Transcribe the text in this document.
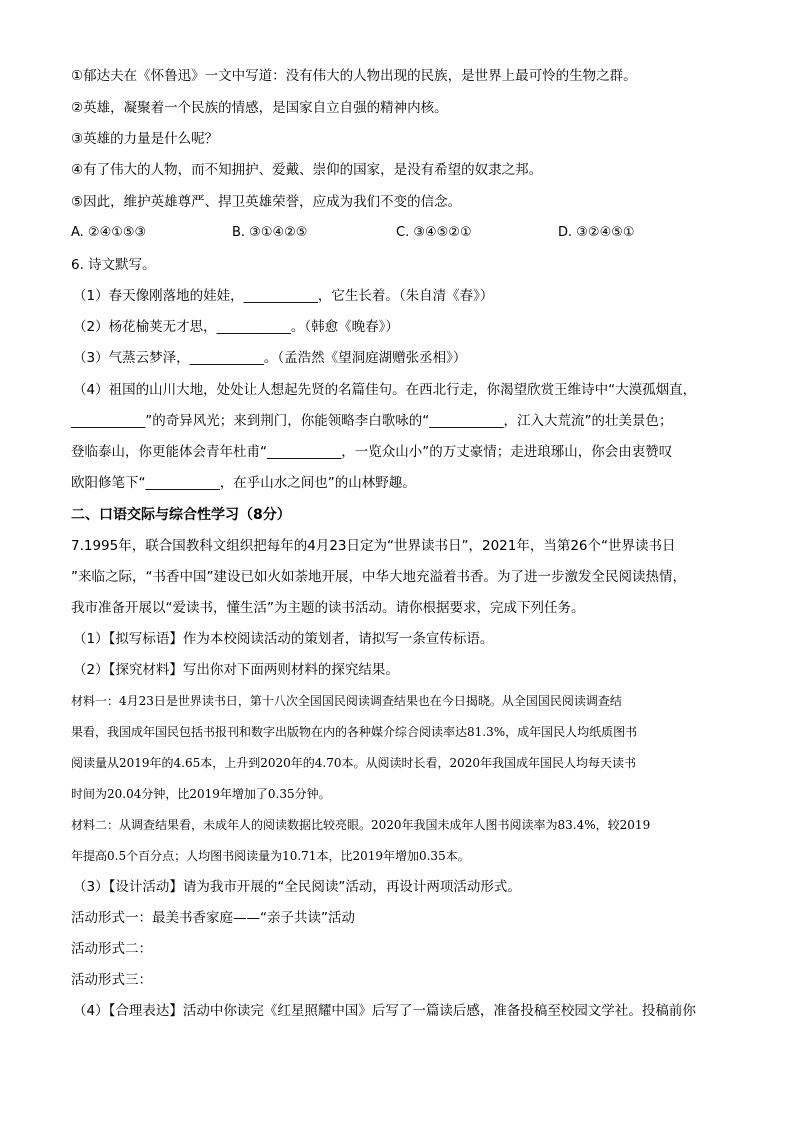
①郁达夫在《怀鲁迅》一文中写道：没有伟大的人物出现的民族，是世界上最可怜的生物之群。
②英雄，凝聚着一个民族的情感，是国家自立自强的精神内核。
③英雄的力量是什么呢？
④有了伟大的人物，而不知拥护、爱戴、崇仰的国家，是没有希望的奴隶之邦。
⑤因此，维护英雄尊严、捍卫英雄荣誉，应成为我们不变的信念。
A. ②④①⑤③	B. ③①④②⑤	C. ③④⑤②①	D. ③②④⑤①
6. 诗文默写。
（1）春天像刚落地的娃娃，___________，它生长着。（朱自清《春》）
（2）杨花榆荚无才思，___________。（韩愈《晚春》）
（3）气蒸云梦泽，___________。（孟浩然《望洞庭湖赠张丞相》）
（4）祖国的山川大地，处处让人想起先贤的名篇佳句。在西北行走，你渴望欣赏王维诗中“大漠孤烟直，
___________”的奇异风光；来到荆门，你能领略李白歌咏的“___________，江入大荒流”的壮美景色；
登临泰山，你更能体会青年杜甫“___________，一览众山小”的万丈豪情；走进琅琊山，你会由衷赞叹
欧阳修笔下“___________，在乎山水之间也”的山林野趣。
二、口语交际与综合性学习（8分）
7.1995年，联合国教科文组织把每年的4月23日定为“世界读书日”，2021年，当第26个“世界读书日
”来临之际，“书香中国”建设已如火如荼地开展，中华大地充溢着书香。为了进一步激发全民阅读热情，
我市准备开展以“爱读书，懂生活”为主题的读书活动。请你根据要求，完成下列任务。
（1）【拟写标语】作为本校阅读活动的策划者，请拟写一条宣传标语。
（2）【探究材料】写出你对下面两则材料的探究结果。
材料一：4月23日是世界读书日，第十八次全国国民阅读调查结果也在今日揭晓。从全国国民阅读调查结
果看，我国成年国民包括书报刊和数字出版物在内的各种媒介综合阅读率达81.3%，成年国民人均纸质图书
阅读量从2019年的4.65本，上升到2020年的4.70本。从阅读时长看，2020年我国成年国民人均每天读书
时间为20.04分钟，比2019年增加了0.35分钟。
材料二：从调查结果看，未成年人的阅读数据比较亮眼。2020年我国未成年人图书阅读率为83.4%，较2019
年提高0.5个百分点；人均图书阅读量为10.71本，比2019年增加0.35本。
（3）【设计活动】请为我市开展的“全民阅读”活动，再设计两项活动形式。
活动形式一：最美书香家庭——“亲子共读”活动
活动形式二：
活动形式三：
（4）【合理表达】活动中你读完《红星照耀中国》后写了一篇读后感，准备投稿至校园文学社。投稿前你
